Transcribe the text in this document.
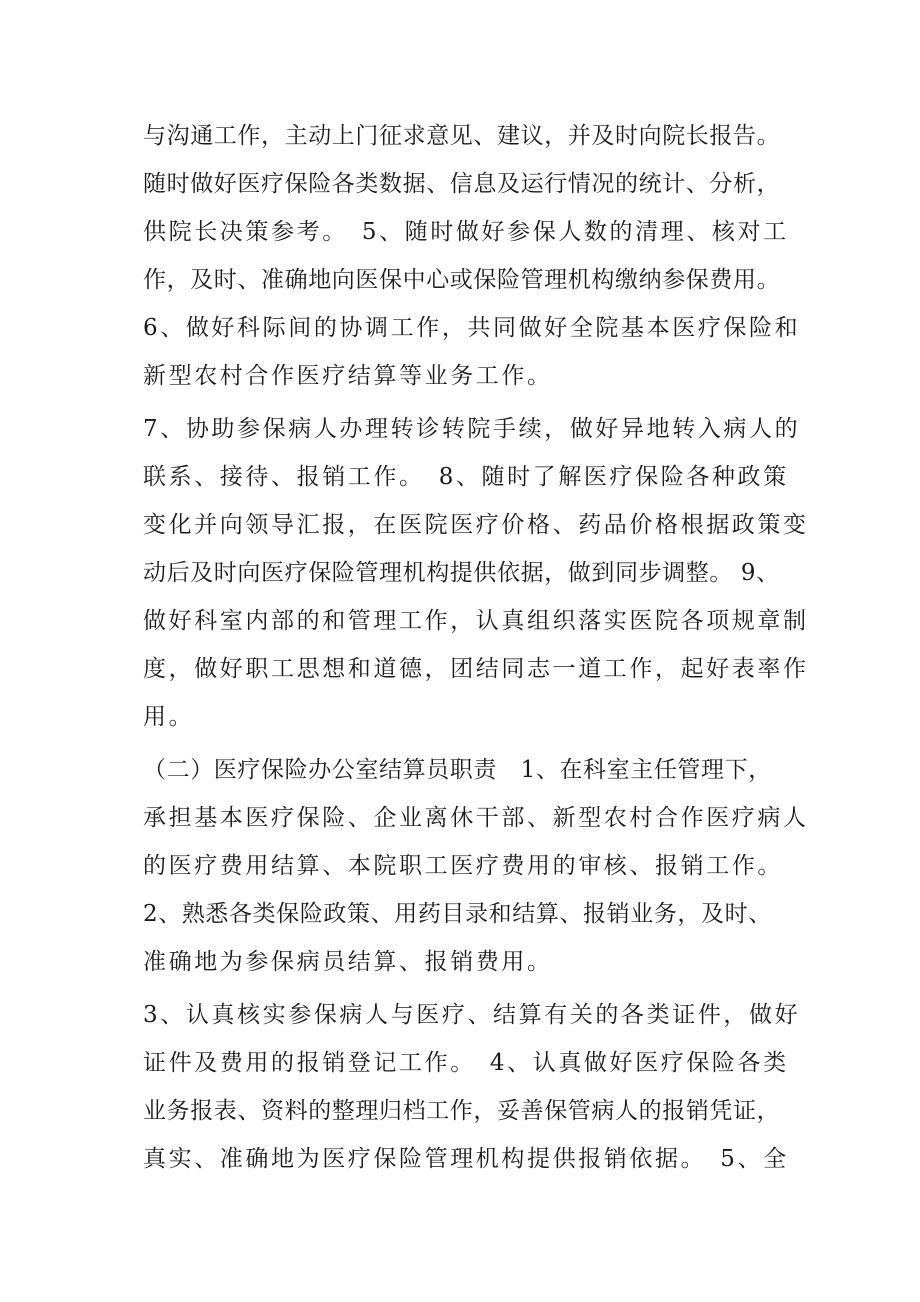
与沟通工作，主动上门征求意见、建议，并及时向院长报告。
随时做好医疗保险各类数据、信息及运行情况的统计、分析，
供院长决策参考。　5、随时做好参保人数的清理、核对工
作，及时、准确地向医保中心或保险管理机构缴纳参保费用。
6、做好科际间的协调工作，共同做好全院基本医疗保险和
新型农村合作医疗结算等业务工作。
7、协助参保病人办理转诊转院手续，做好异地转入病人的
联系、接待、报销工作。　8、随时了解医疗保险各种政策
变化并向领导汇报，在医院医疗价格、药品价格根据政策变
动后及时向医疗保险管理机构提供依据，做到同步调整。 9、
做好科室内部的和管理工作，认真组织落实医院各项规章制
度，做好职工思想和道德，团结同志一道工作，起好表率作
用。
（二）医疗保险办公室结算员职责　1、在科室主任管理下，
承担基本医疗保险、企业离休干部、新型农村合作医疗病人
的医疗费用结算、本院职工医疗费用的审核、报销工作。
2、熟悉各类保险政策、用药目录和结算、报销业务，及时、
准确地为参保病员结算、报销费用。
3、认真核实参保病人与医疗、结算有关的各类证件，做好
证件及费用的报销登记工作。　4、认真做好医疗保险各类
业务报表、资料的整理归档工作，妥善保管病人的报销凭证，
真实、准确地为医疗保险管理机构提供报销依据。　5、全
